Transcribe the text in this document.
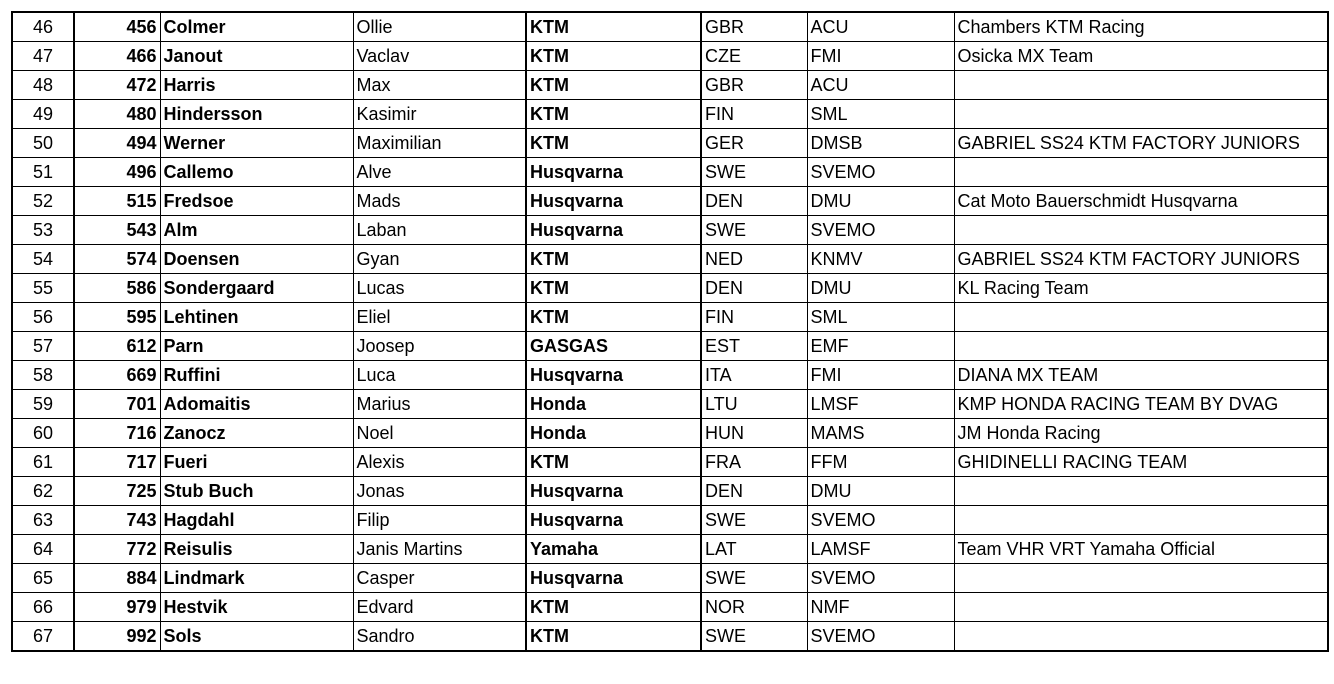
46	456	Colmer	Ollie	KTM	GBR	ACU	Chambers KTM Racing
47	466	Janout	Vaclav	KTM	CZE	FMI	Osicka MX Team
48	472	Harris	Max	KTM	GBR	ACU	
49	480	Hindersson	Kasimir	KTM	FIN	SML	
50	494	Werner	Maximilian	KTM	GER	DMSB	GABRIEL SS24 KTM FACTORY JUNIORS
51	496	Callemo	Alve	Husqvarna	SWE	SVEMO	
52	515	Fredsoe	Mads	Husqvarna	DEN	DMU	Cat Moto Bauerschmidt Husqvarna
53	543	Alm	Laban	Husqvarna	SWE	SVEMO	
54	574	Doensen	Gyan	KTM	NED	KNMV	GABRIEL SS24 KTM FACTORY JUNIORS
55	586	Sondergaard	Lucas	KTM	DEN	DMU	KL Racing Team
56	595	Lehtinen	Eliel	KTM	FIN	SML	
57	612	Parn	Joosep	GASGAS	EST	EMF	
58	669	Ruffini	Luca	Husqvarna	ITA	FMI	DIANA MX TEAM
59	701	Adomaitis	Marius	Honda	LTU	LMSF	KMP HONDA RACING TEAM BY DVAG
60	716	Zanocz	Noel	Honda	HUN	MAMS	JM Honda Racing
61	717	Fueri	Alexis	KTM	FRA	FFM	GHIDINELLI RACING TEAM
62	725	Stub Buch	Jonas	Husqvarna	DEN	DMU	
63	743	Hagdahl	Filip	Husqvarna	SWE	SVEMO	
64	772	Reisulis	Janis Martins	Yamaha	LAT	LAMSF	Team VHR VRT Yamaha Official
65	884	Lindmark	Casper	Husqvarna	SWE	SVEMO	
66	979	Hestvik	Edvard	KTM	NOR	NMF	
67	992	Sols	Sandro	KTM	SWE	SVEMO	
